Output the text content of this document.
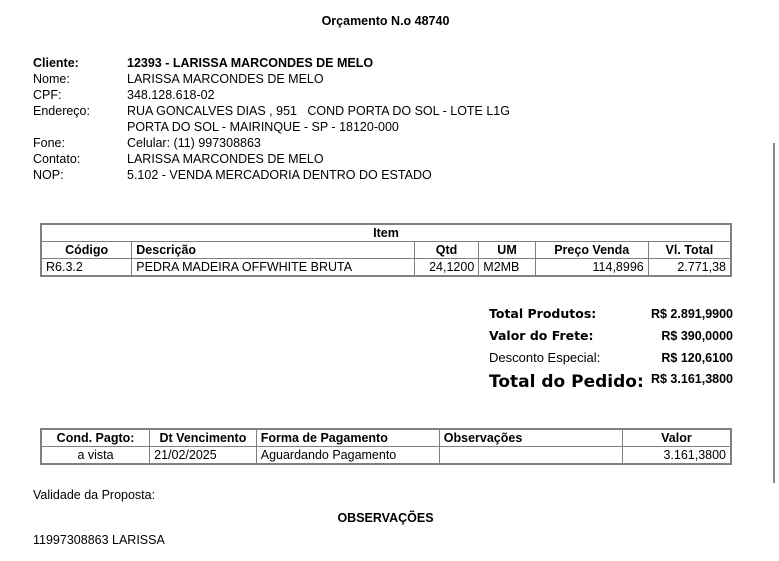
Orçamento N.o 48740
Cliente:	12393 - LARISSA MARCONDES DE MELO
Nome:	LARISSA MARCONDES DE MELO
CPF:	348.128.618-02
Endereço:	RUA GONCALVES DIAS , 951   COND PORTA DO SOL - LOTE L1G
PORTA DO SOL - MAIRINQUE - SP - 18120-000
Fone:	Celular: (11) 997308863
Contato:	LARISSA MARCONDES DE MELO
NOP:	5.102 - VENDA MERCADORIA DENTRO DO ESTADO
Item					
Código	Descrição	Qtd	UM	Preço Venda	Vl. Total
R6.3.2	PEDRA MADEIRA OFFWHITE BRUTA	24,1200	M2MB	114,8996	2.771,38
Total Produtos:	R$ 2.891,9900
Valor do Frete:	R$ 390,0000
Desconto Especial:	R$ 120,6100
Total do Pedido: R$ 3.161,3800
Cond. Pagto:	Dt Vencimento	Forma de Pagamento	Observações	Valor
a vista	21/02/2025	Aguardando Pagamento		3.161,3800
Validade da Proposta:
OBSERVAÇÕES
11997308863 LARISSA
